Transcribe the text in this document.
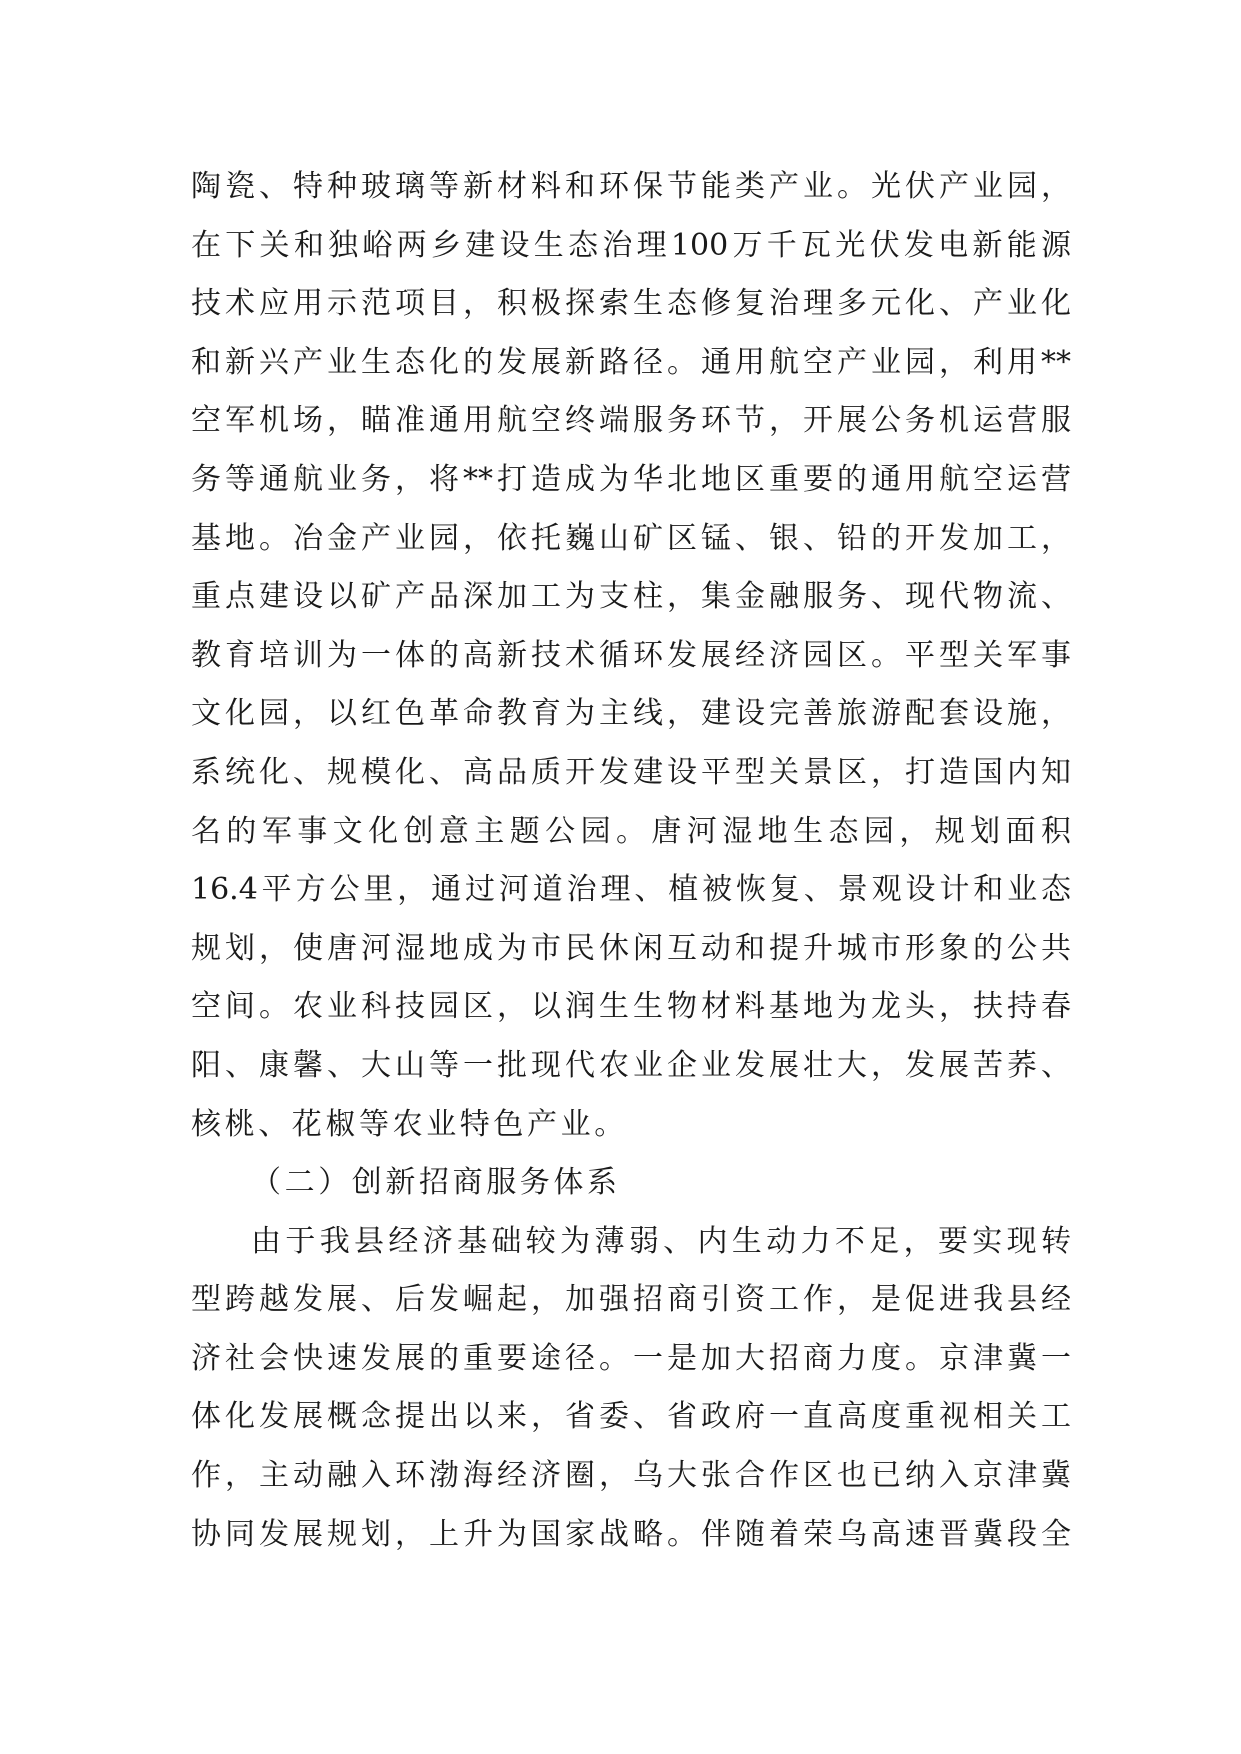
陶瓷、特种玻璃等新材料和环保节能类产业。光伏产业园，
在下关和独峪两乡建设生态治理100万千瓦光伏发电新能源
技术应用示范项目，积极探索生态修复治理多元化、产业化
和新兴产业生态化的发展新路径。通用航空产业园，利用**
空军机场，瞄准通用航空终端服务环节，开展公务机运营服
务等通航业务，将**打造成为华北地区重要的通用航空运营
基地。冶金产业园，依托巍山矿区锰、银、铅的开发加工，
重点建设以矿产品深加工为支柱，集金融服务、现代物流、
教育培训为一体的高新技术循环发展经济园区。平型关军事
文化园，以红色革命教育为主线，建设完善旅游配套设施，
系统化、规模化、高品质开发建设平型关景区，打造国内知
名的军事文化创意主题公园。唐河湿地生态园，规划面积
16.4平方公里，通过河道治理、植被恢复、景观设计和业态
规划，使唐河湿地成为市民休闲互动和提升城市形象的公共
空间。农业科技园区，以润生生物材料基地为龙头，扶持春
阳、康馨、大山等一批现代农业企业发展壮大，发展苦荞、
核桃、花椒等农业特色产业。
（二）创新招商服务体系
由于我县经济基础较为薄弱、内生动力不足，要实现转
型跨越发展、后发崛起，加强招商引资工作，是促进我县经
济社会快速发展的重要途径。一是加大招商力度。京津冀一
体化发展概念提出以来，省委、省政府一直高度重视相关工
作，主动融入环渤海经济圈，乌大张合作区也已纳入京津冀
协同发展规划，上升为国家战略。伴随着荣乌高速晋冀段全
